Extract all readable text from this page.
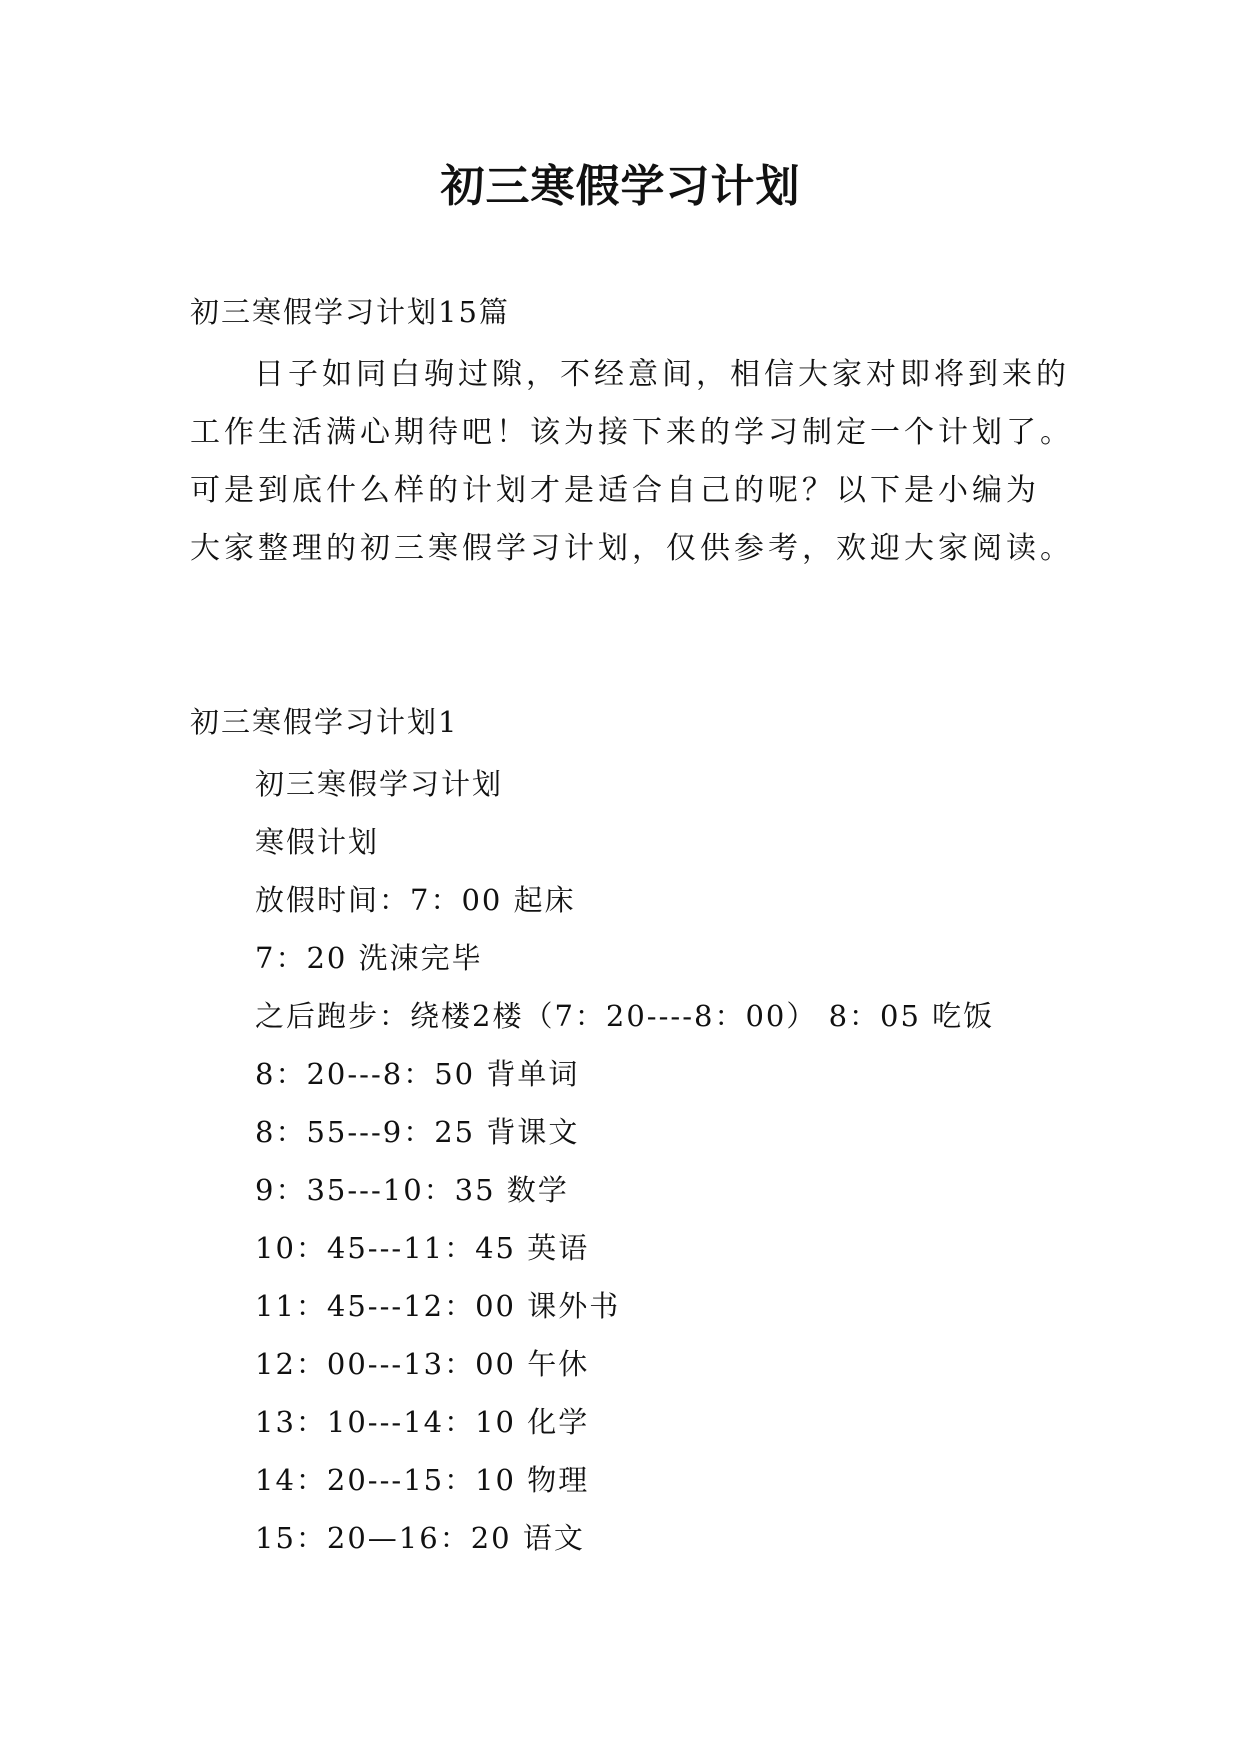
初三寒假学习计划

初三寒假学习计划15篇

日子如同白驹过隙，不经意间，相信大家对即将到来的
工作生活满心期待吧！该为接下来的学习制定一个计划了。
可是到底什么样的计划才是适合自己的呢？以下是小编为
大家整理的初三寒假学习计划，仅供参考，欢迎大家阅读。

初三寒假学习计划1

初三寒假学习计划
寒假计划
放假时间：7：00 起床
7：20 洗涑完毕
之后跑步：绕楼2楼（7：20----8：00） 8：05 吃饭
8：20---8：50 背单词
8：55---9：25 背课文
9：35---10：35 数学
10：45---11：45 英语
11：45---12：00 课外书
12：00---13：00 午休
13：10---14：10 化学
14：20---15：10 物理
15：20—16：20 语文
